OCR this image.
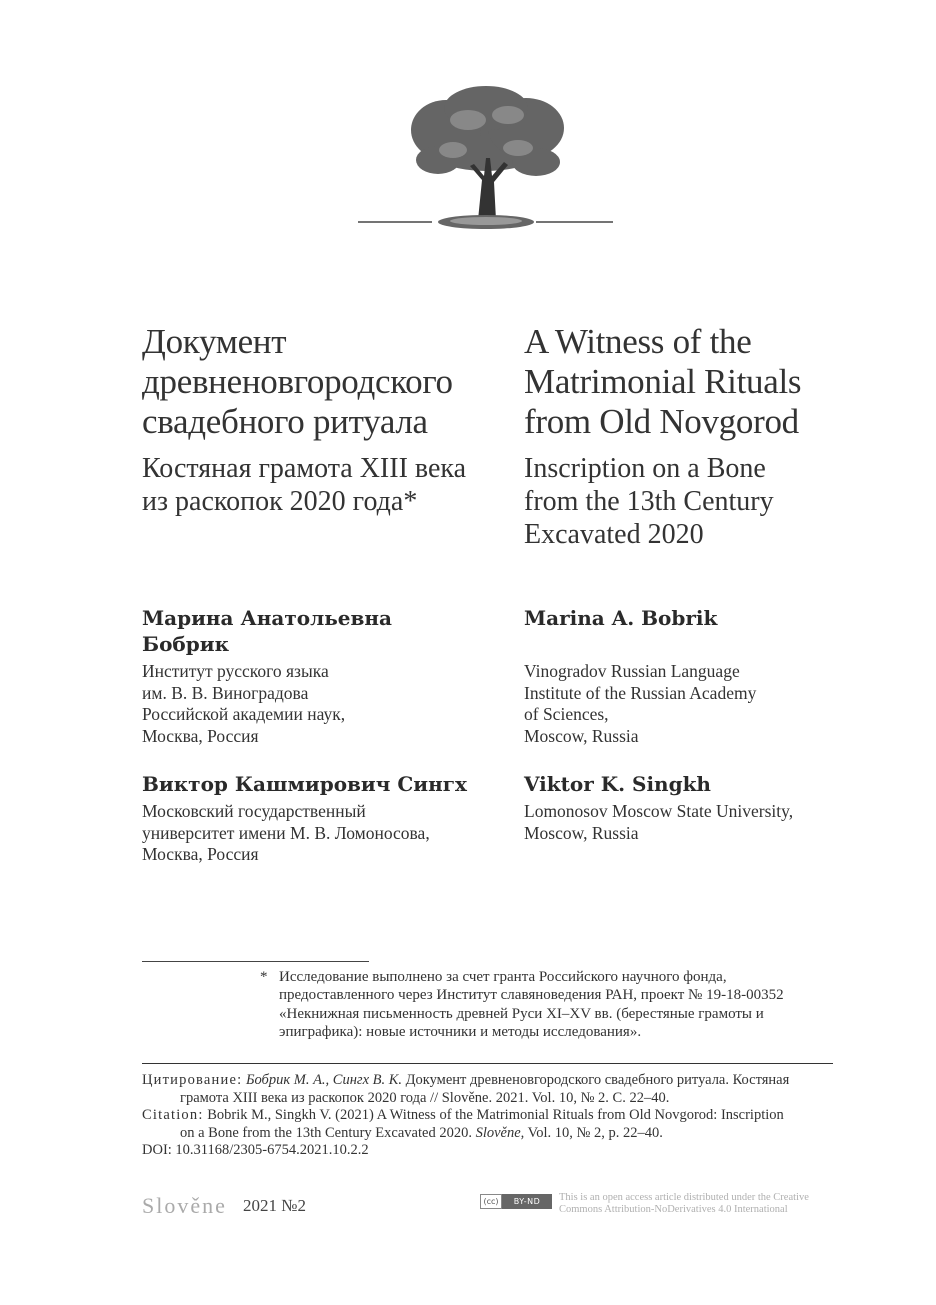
Документ
древненовгородского
свадебного ритуала

Костяная грамота XIII века
из раскопок 2020 года*

A Witness of the
Matrimonial Rituals
from Old Novgorod

Inscription on a Bone
from the 13th Century
Excavated 2020

Марина Анатольевна
Бобрик
Институт русского языка
им. В. В. Виноградова
Российской академии наук,
Москва, Россия
Marina A. Bobrik
Vinogradov Russian Language
Institute of the Russian Academy
of Sciences,
Moscow, Russia
Виктор Кашмирович Сингх
Московский государственный
университет имени М. В. Ломоносова,
Москва, Россия
Viktor K. Singkh
Lomonosov Moscow State University,
Moscow, Russia
* Исследование выполнено за счет гранта Российского научного фонда,
предоставленного через Институт славяноведения РАН, проект № 19-18-00352
«Некнижная письменность древней Руси XI–XV вв. (берестяные грамоты и
эпиграфика): новые источники и методы исследования».
Цитирование: Бобрик М. А., Сингх В. К. Документ древненовгородского свадебного ритуала. Костяная
грамота XIII века из раскопок 2020 года // Slověne. 2021. Vol. 10, № 2. С. 22–40.
Citation: Bobrik M., Singkh V. (2021) A Witness of the Matrimonial Rituals from Old Novgorod: Inscription
on a Bone from the 13th Century Excavated 2020. Slověne, Vol. 10, № 2, p. 22–40.
DOI: 10.31168/2305-6754.2021.10.2.2
Slověne 2021 №2	(cc)	BY-ND	This is an open access article distributed under the Creative
Commons Attribution-NoDerivatives 4.0 International
